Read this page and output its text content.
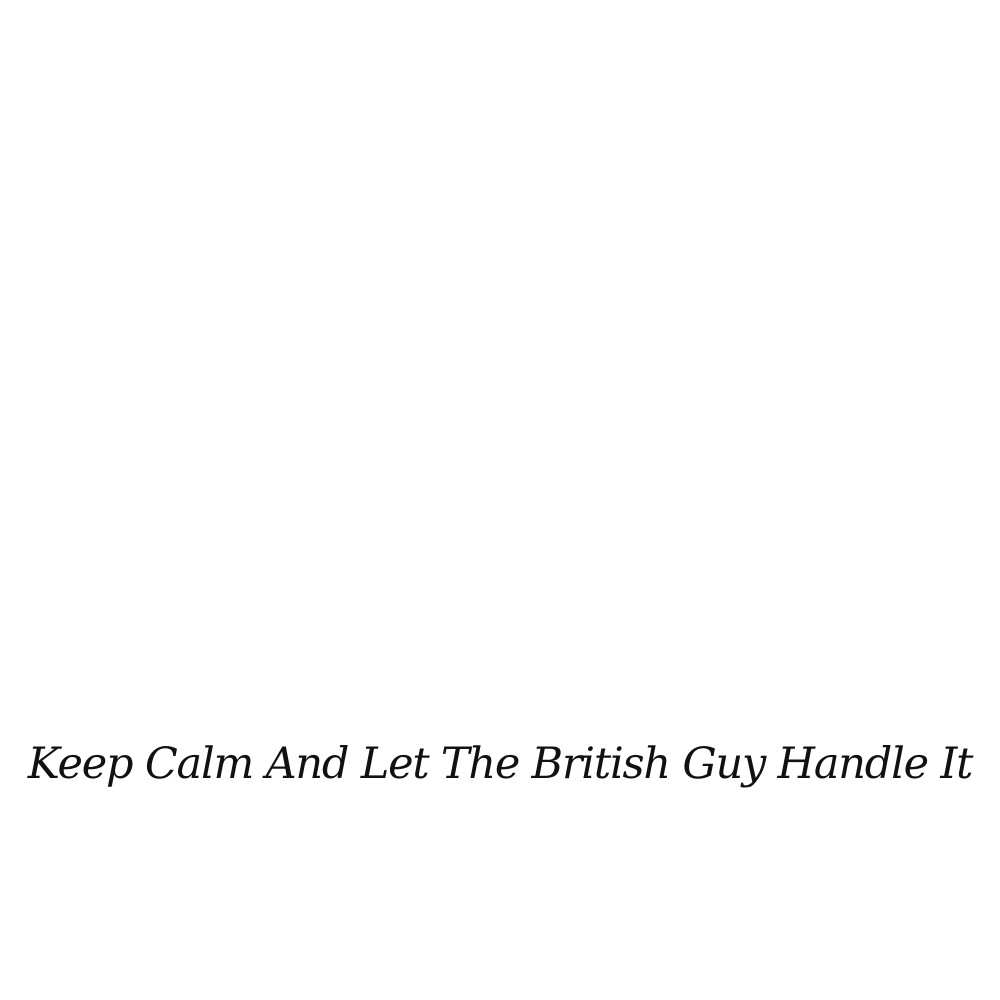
Keep Calm And Let The British Guy Handle It
